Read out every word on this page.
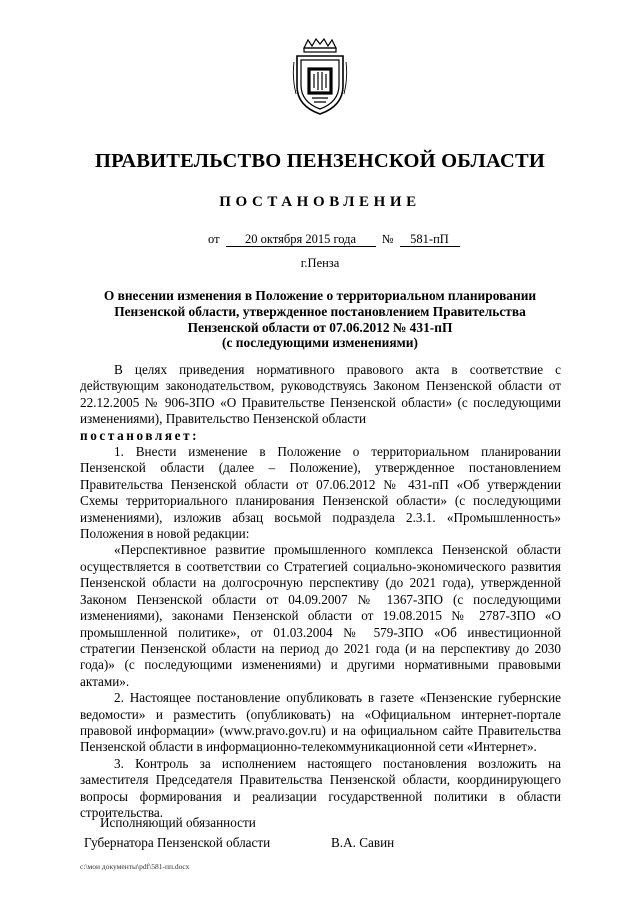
ПРАВИТЕЛЬСТВО ПЕНЗЕНСКОЙ ОБЛАСТИ
ПОСТАНОВЛЕНИЕ
от 20 октября 2015 года № 581-пП
г.Пенза
О внесении изменения в Положение о территориальном планировании
Пензенской области, утвержденное постановлением Правительства
Пензенской области от 07.06.2012 № 431-пП
(с последующими изменениями)

В целях приведения нормативного правового акта в соответствие с действующим законодательством, руководствуясь Законом Пензенской области от 22.12.2005 № 906-ЗПО «О Правительстве Пензенской области» (с последующими изменениями), Правительство Пензенской области

постановляет:

1. Внести изменение в Положение о территориальном планировании Пензенской области (далее – Положение), утвержденное постановлением Правительства Пензенской области от 07.06.2012 № 431-пП «Об утверждении Схемы территориального планирования Пензенской области» (с последующими изменениями), изложив абзац восьмой подраздела 2.3.1. «Промышленность» Положения в новой редакции:

«Перспективное развитие промышленного комплекса Пензенской области осуществляется в соответствии со Стратегией социально-экономического развития Пензенской области на долгосрочную перспективу (до 2021 года), утвержденной Законом Пензенской области от 04.09.2007 № 1367-ЗПО (с последующими изменениями), законами Пензенской области от 19.08.2015 № 2787-ЗПО «О промышленной политике», от 01.03.2004 № 579-ЗПО «Об инвестиционной стратегии Пензенской области на период до 2021 года (и на перспективу до 2030 года)» (с последующими изменениями) и другими нормативными правовыми актами».

2. Настоящее постановление опубликовать в газете «Пензенские губернские ведомости» и разместить (опубликовать) на «Официальном интернет-портале правовой информации» (www.pravo.gov.ru) и на официальном сайте Правительства Пензенской области в информационно-телекоммуникационной сети «Интернет».

3. Контроль за исполнением настоящего постановления возложить на заместителя Председателя Правительства Пензенской области, координирующего вопросы формирования и реализации государственной политики в области строительства.

Исполняющий обязанности
Губернатора Пензенской области	В.А. Савин
c:\мои документы\pdf\581-пп.docx
